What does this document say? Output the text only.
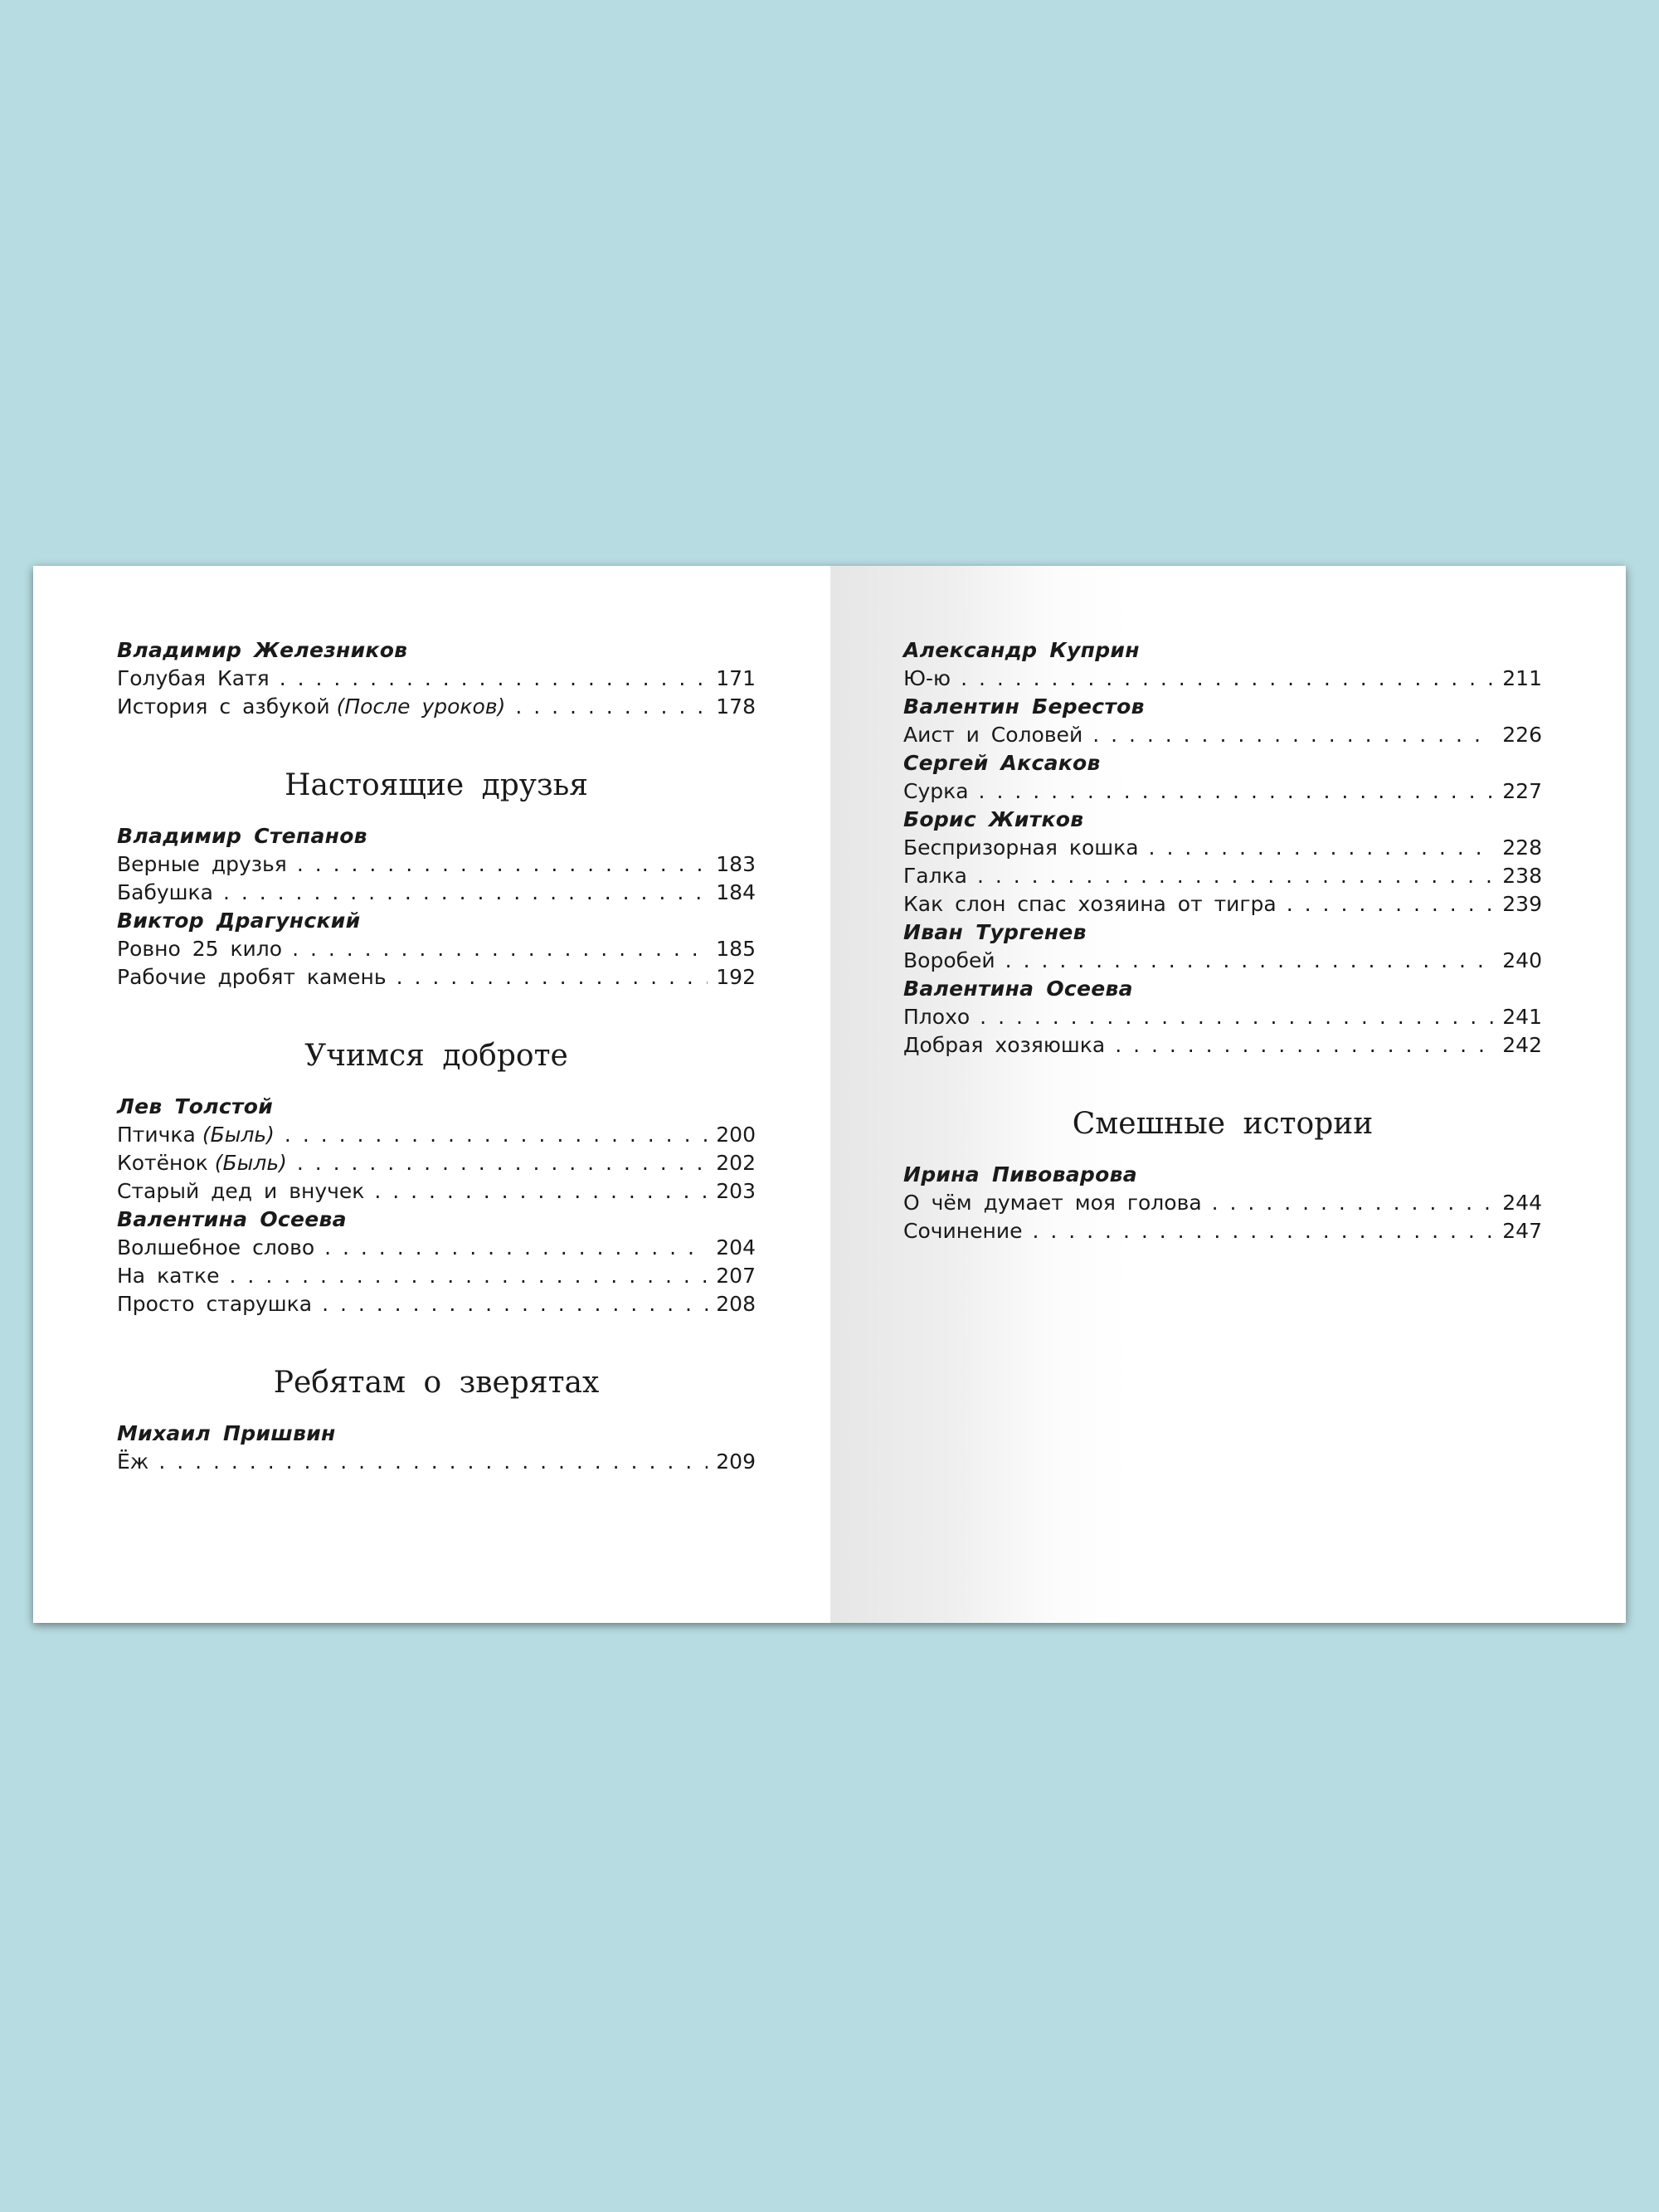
Владимир Железников
Голубая Катя . . .	171
История с азбукой (После уроков) . . .	178
Настоящие друзья
Владимир Степанов
Верные друзья . . .	183
Бабушка . . .	184
Виктор Драгунский
Ровно 25 кило . . .	185
Рабочие дробят камень . . .	192
Учимся доброте
Лев Толстой
Птичка (Быль) . . .	200
Котёнок (Быль) . . .	202
Старый дед и внучек . . .	203
Валентина Осеева
Волшебное слово . . .	204
На катке . . .	207
Просто старушка . . .	208
Ребятам о зверятах
Михаил Пришвин
Ёж . . .	209
Александр Куприн
Ю-ю . . .	211
Валентин Берестов
Аист и Соловей . . .	226
Сергей Аксаков
Сурка . . .	227
Борис Житков
Беспризорная кошка . . .	228
Галка . . .	238
Как слон спас хозяина от тигра . . .	239
Иван Тургенев
Воробей . . .	240
Валентина Осеева
Плохо . . .	241
Добрая хозяюшка . . .	242
Смешные истории
Ирина Пивоварова
О чём думает моя голова . . .	244
Сочинение . . .	247
